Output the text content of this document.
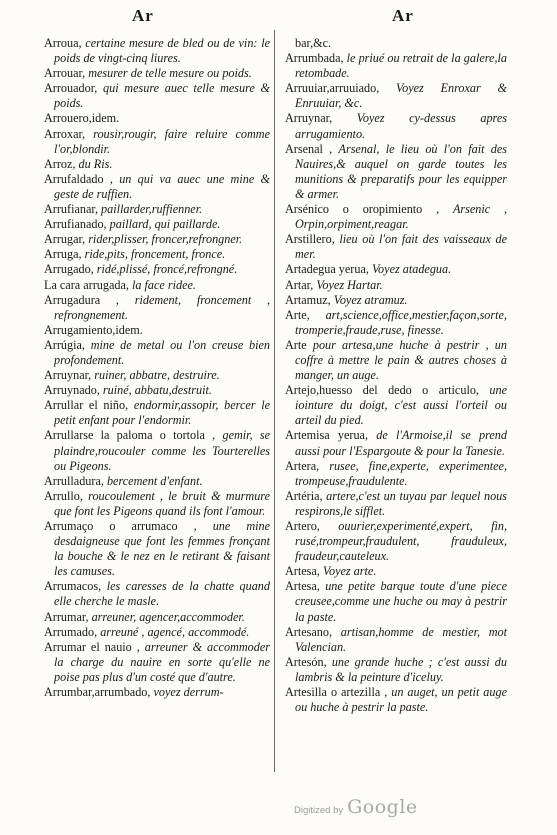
Ar	Ar

Arroua, certaine mesure de bled ou de vin: le poids de vingt-cinq liures.

Arrouar, mesurer de telle mesure ou poids.

Arrouador, qui mesure auec telle mesure & poids.

Arrouero,idem.

Arroxar, rousir,rougir, faire reluire comme l'or,blondir.

Arroz, du Ris.

Arrufaldado , un qui va auec une mine & geste de ruffien.

Arrufianar, paillarder,ruffienner.

Arrufianado, paillard, qui paillarde.

Arrugar, rider,plisser, froncer,refrongner.

Arruga, ride,pits, froncement, fronce.

Arrugado, ridé,plissé, froncé,refrongné.

La cara arrugada, la face ridee.

Arrugadura , ridement, froncement , refrongnement.

Arrugamiento,idem.

Arrúgia, mine de metal ou l'on creuse bien profondement.

Arruynar, ruiner, abbatre, destruire.

Arruynado, ruiné, abbatu,destruit.

Arrullar el niño, endormir,assopir, bercer le petit enfant pour l'endormir.

Arrullarse la paloma o tortola , gemir, se plaindre,roucouler comme les Tourterelles ou Pigeons.

Arrulladura, bercement d'enfant.

Arrullo, roucoulement , le bruit & murmure que font les Pigeons quand ils font l'amour.

Arrumaço o arrumaco , une mine desdaigneuse que font les femmes fronçant la bouche & le nez en le retirant & faisant les camuses.

Arrumacos, les caresses de la chatte quand elle cherche le masle.

Arrumar, arreuner, agencer,accommoder.

Arrumado, arreuné , agencé, accommodé.

Arrumar el nauio , arreuner & accommoder la charge du nauire en sorte qu'elle ne poise pas plus d'un costé que d'autre.

Arrumbar,arrumbado, voyez derrum-

bar,&c.

Arrumbada, le priué ou retrait de la galere,la retombade.

Arruuiar,arruuiado, Voyez Enroxar & Enruuiar, &c.

Arruynar, Voyez cy-dessus apres arrugamiento.

Arsenal , Arsenal, le lieu où l'on fait des Nauires,& auquel on garde toutes les munitions & preparatifs pour les equipper & armer.

Arsénico o oropimiento , Arsenic , Orpin,orpiment,reagar.

Arstillero, lieu où l'on fait des vaisseaux de mer.

Artadegua yerua, Voyez atadegua.

Artar, Voyez Hartar.

Artamuz, Voyez atramuz.

Arte, art,science,office,mestier,façon,sorte, tromperie,fraude,ruse, finesse.

Arte pour artesa,une huche à pestrir , un coffre à mettre le pain & autres choses à manger, un auge.

Artejo,huesso del dedo o articulo, une iointure du doigt, c'est aussi l'orteil ou arteil du pied.

Artemisa yerua, de l'Armoise,il se prend aussi pour l'Espargoute & pour la Tanesie.

Artera, rusee, fine,experte, experimentee, trompeuse,fraudulente.

Artéria, artere,c'est un tuyau par lequel nous respirons,le sifflet.

Artero, ouurier,experimenté,expert, fin, rusé,trompeur,fraudulent, frauduleux, fraudeur,cauteleux.

Artesa, Voyez arte.

Artesa, une petite barque toute d'une piece creusee,comme une huche ou may à pestrir la paste.

Artesano, artisan,homme de mestier, mot Valencian.

Artesón, une grande huche ; c'est aussi du lambris & la peinture d'iceluy.

Artesilla o artezilla , un auget, un petit auge ou huche à pestrir la paste.

Digitized by Google
